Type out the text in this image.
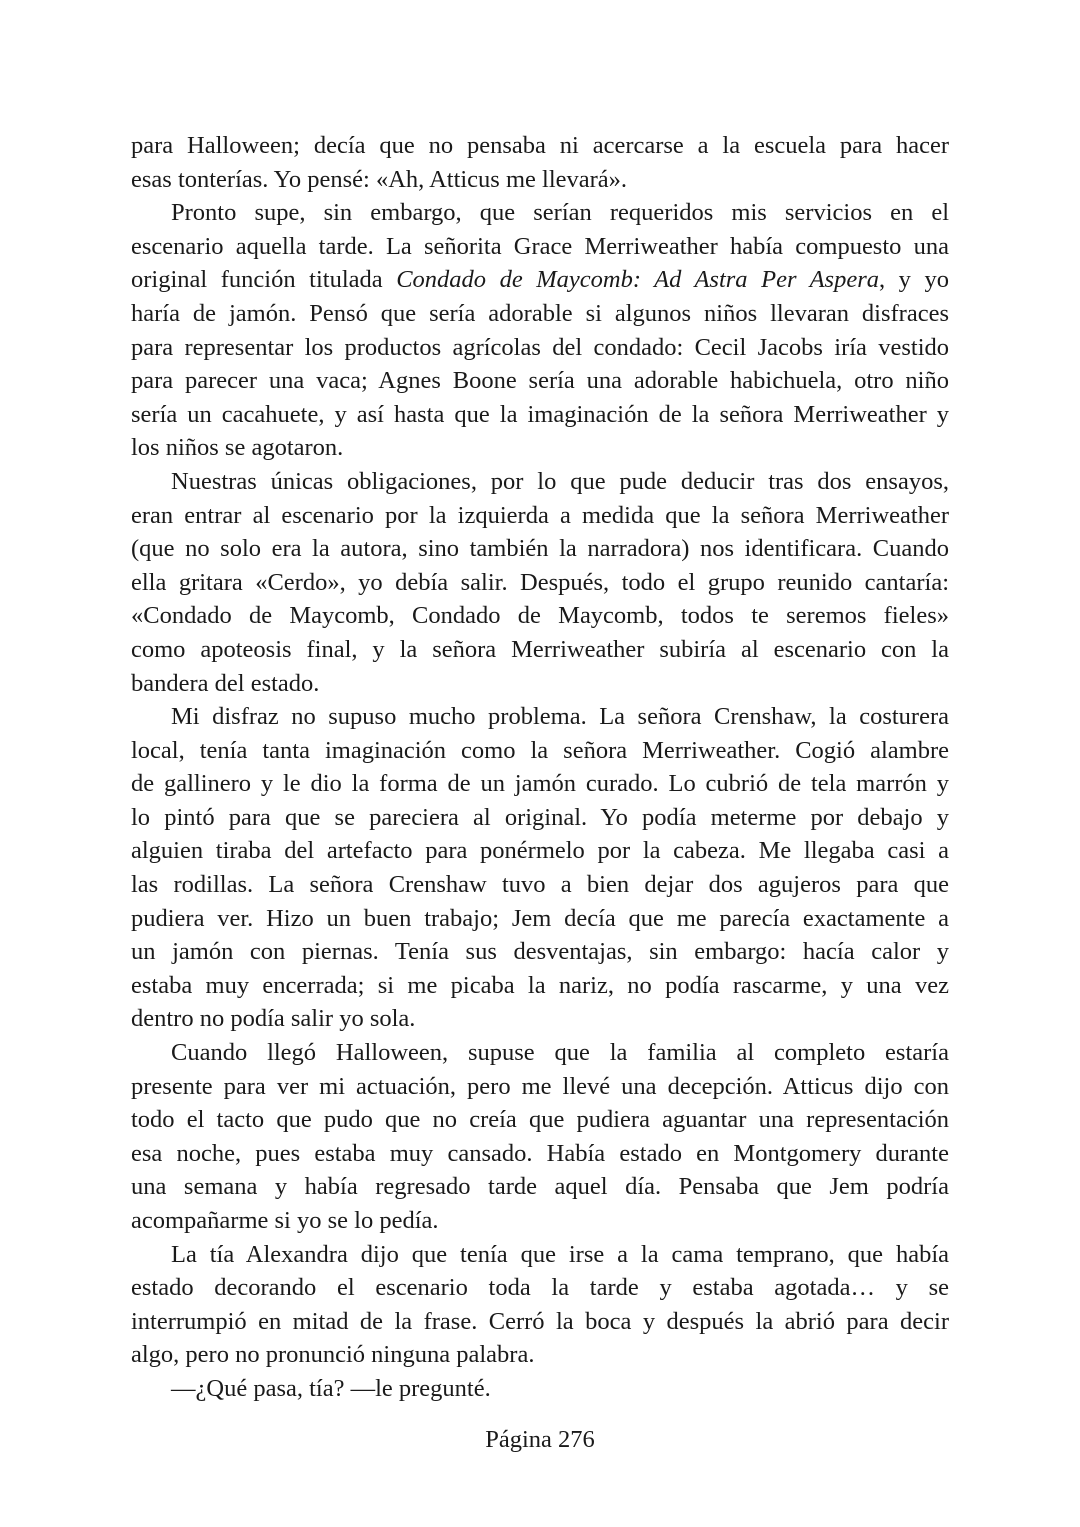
para Halloween; decía que no pensaba ni acercarse a la escuela para hacer
esas tonterías. Yo pensé: «Ah, Atticus me llevará».
Pronto supe, sin embargo, que serían requeridos mis servicios en el
escenario aquella tarde. La señorita Grace Merriweather había compuesto una
original función titulada Condado de Maycomb: Ad Astra Per Aspera, y yo
haría de jamón. Pensó que sería adorable si algunos niños llevaran disfraces
para representar los productos agrícolas del condado: Cecil Jacobs iría vestido
para parecer una vaca; Agnes Boone sería una adorable habichuela, otro niño
sería un cacahuete, y así hasta que la imaginación de la señora Merriweather y
los niños se agotaron.
Nuestras únicas obligaciones, por lo que pude deducir tras dos ensayos,
eran entrar al escenario por la izquierda a medida que la señora Merriweather
(que no solo era la autora, sino también la narradora) nos identificara. Cuando
ella gritara «Cerdo», yo debía salir. Después, todo el grupo reunido cantaría:
«Condado de Maycomb, Condado de Maycomb, todos te seremos fieles»
como apoteosis final, y la señora Merriweather subiría al escenario con la
bandera del estado.
Mi disfraz no supuso mucho problema. La señora Crenshaw, la costurera
local, tenía tanta imaginación como la señora Merriweather. Cogió alambre
de gallinero y le dio la forma de un jamón curado. Lo cubrió de tela marrón y
lo pintó para que se pareciera al original. Yo podía meterme por debajo y
alguien tiraba del artefacto para ponérmelo por la cabeza. Me llegaba casi a
las rodillas. La señora Crenshaw tuvo a bien dejar dos agujeros para que
pudiera ver. Hizo un buen trabajo; Jem decía que me parecía exactamente a
un jamón con piernas. Tenía sus desventajas, sin embargo: hacía calor y
estaba muy encerrada; si me picaba la nariz, no podía rascarme, y una vez
dentro no podía salir yo sola.
Cuando llegó Halloween, supuse que la familia al completo estaría
presente para ver mi actuación, pero me llevé una decepción. Atticus dijo con
todo el tacto que pudo que no creía que pudiera aguantar una representación
esa noche, pues estaba muy cansado. Había estado en Montgomery durante
una semana y había regresado tarde aquel día. Pensaba que Jem podría
acompañarme si yo se lo pedía.
La tía Alexandra dijo que tenía que irse a la cama temprano, que había
estado decorando el escenario toda la tarde y estaba agotada… y se
interrumpió en mitad de la frase. Cerró la boca y después la abrió para decir
algo, pero no pronunció ninguna palabra.
—¿Qué pasa, tía? —le pregunté.
Página 276
